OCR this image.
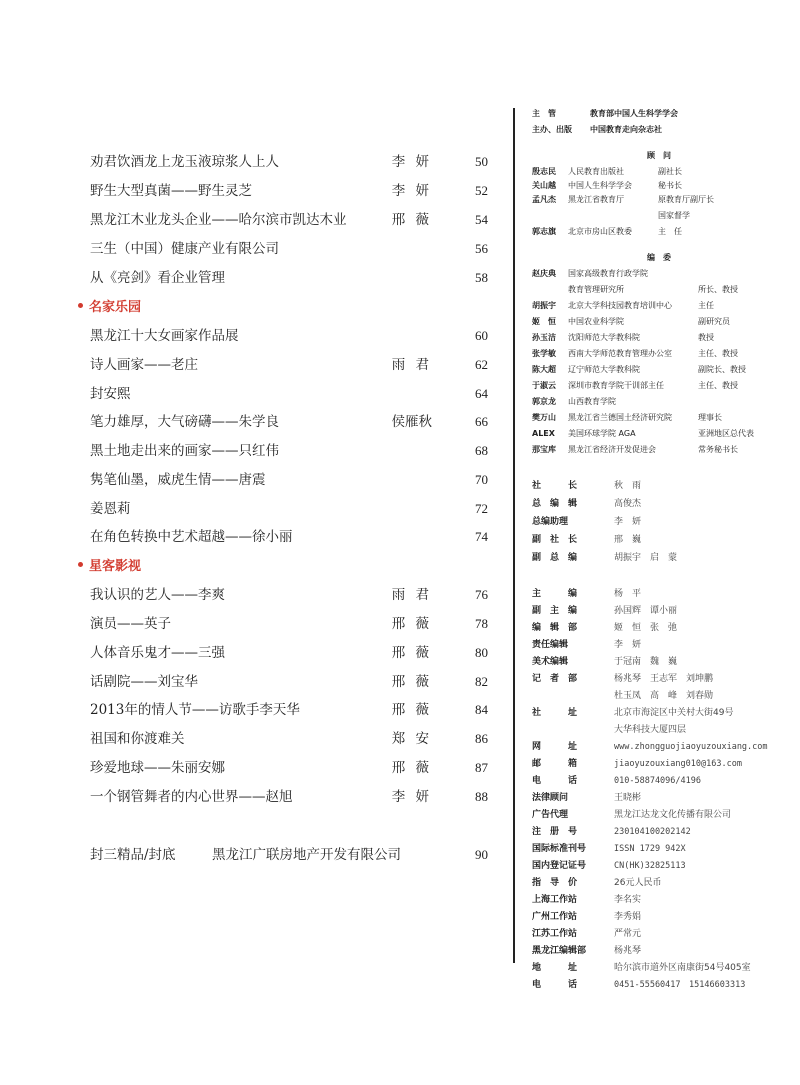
劝君饮酒龙上龙玉液琼浆人上人	李 妍	50
野生大型真菌——野生灵芝	李 妍	52
黑龙江木业龙头企业——哈尔滨市凯达木业	邢 薇	54
三生（中国）健康产业有限公司	56
从《亮剑》看企业管理	58
名家乐园
黑龙江十大女画家作品展	60
诗人画家——老庄	雨 君	62
封安熙	64
笔力雄厚，大气磅礴——朱学良	侯雁秋	66
黑土地走出来的画家——只红伟	68
隽笔仙墨，威虎生情——唐震	70
姜恩莉	72
在角色转换中艺术超越——徐小丽	74
星客影视
我认识的艺人——李爽	雨 君	76
演员——英子	邢 薇	78
人体音乐鬼才——三强	邢 薇	80
话剧院——刘宝华	邢 薇	82
2013年的情人节——访歌手李天华	邢 薇	84
祖国和你渡难关	郑 安	86
珍爱地球——朱丽安娜	邢 薇	87
一个钢管舞者的内心世界——赵旭	李 妍	88
封三精品/封底	黑龙江广联房地产开发有限公司	90
主　管	教育部中国人生科学学会
主办、出版 中国教育走向杂志社
顾　问
殷志民 人民教育出版社	副社长
关山越 中国人生科学学会	秘书长
孟凡杰 黑龙江省教育厅	原教育厅副厅长
国家督学
郭志旗 北京市房山区教委	主　任
编　委
赵庆典 国家高级教育行政学院
教育管理研究所	所长、教授
胡振宇 北京大学科技园教育培训中心	主任
姬　恒 中国农业科学院	副研究员
孙玉洁 沈阳师范大学教科院	教授
张学敏 西南大学师范教育管理办公室	主任、教授
陈大超 辽宁师范大学教科院	副院长、教授
于淑云 深圳市教育学院干训部主任	主任、教授
郭京龙 山西教育学院
樊万山 黑龙江省兰德国土经济研究院	理事长
ALEX 美国环球学院 AGA	亚洲地区总代表
那宝库 黑龙江省经济开发促进会	常务秘书长
社　　　长	秋　雨
总　编　辑	高俊杰
总编助理	李　妍
副　社　长	邢　巍
副　总　编	胡振宇　启　蒙
主　　　编	杨　平
副　主　编	孙国辉　谭小丽
编　辑　部	姬　恒　张　弛
责任编辑	李　妍
美术编辑	于冠南　魏　巍
记　者　部	杨兆琴　王志军　刘坤鹏
杜玉凤　高　峰　刘春勋
社　　　址	北京市海淀区中关村大街49号
大华科技大厦四层
网　　　址	www.zhongguojiaoyuzouxiang.com
邮　　　箱	jiaoyuzouxiang010@163.com
电　　　话	010-58874096/4196
法律顾问	王晓彬
广告代理	黑龙江达龙文化传播有限公司
注　册　号	230104100202142
国际标准刊号	ISSN 1729 942X
国内登记证号	CN(HK)32825113
指　导　价	26元人民币
上海工作站	李名实
广州工作站	李秀娟
江苏工作站	严常元
黑龙江编辑部	杨兆琴
地　　　址	哈尔滨市道外区南康街54号405室
电　　　话	0451-55560417　15146603313
